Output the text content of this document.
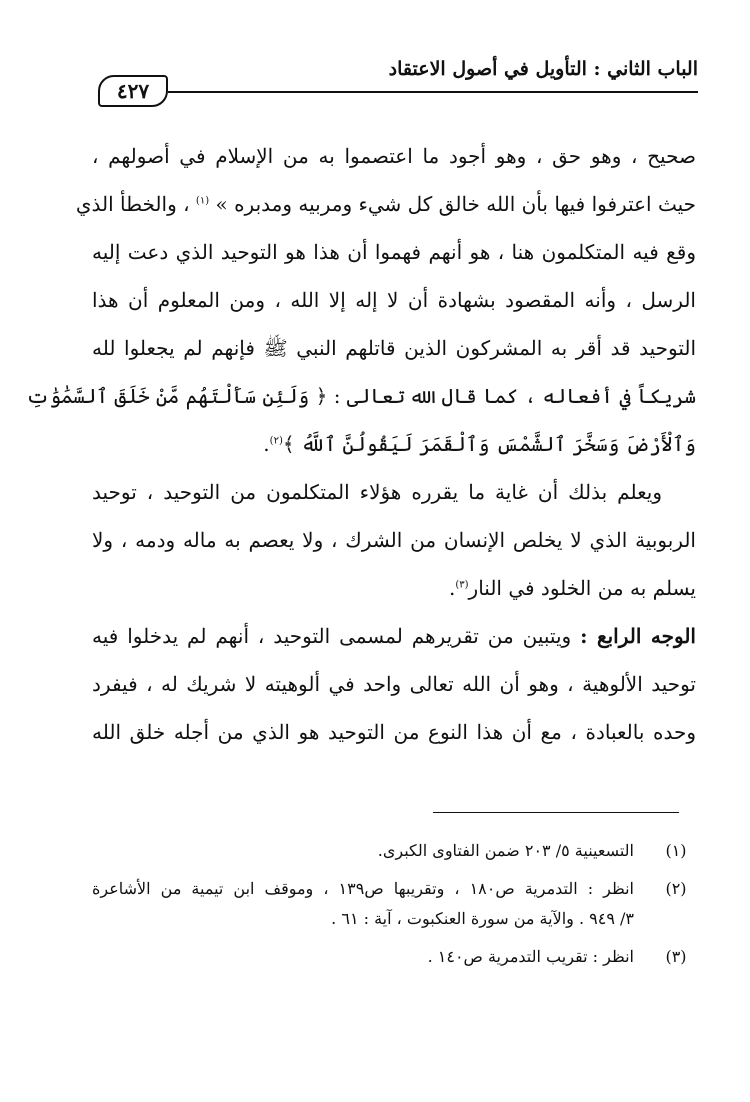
الباب الثاني : التأويل في أصول الاعتقاد
٤٢٧
صحيح ، وهو حق ، وهو أجود ما اعتصموا به من الإسلام في أصولهم ،
حيث اعترفوا فيها بأن الله خالق كل شيء ومربيه ومدبره » $^{(١)}$ ، والخطأ الذي
وقع فيه المتكلمون هنا ، هو أنهم فهموا أن هذا هو التوحيد الذي دعت إليه
الرسل ، وأنه المقصود بشهادة أن لا إله إلا الله ، ومن المعلوم أن هذا
التوحيد قد أقر به المشركون الذين قاتلهم النبي ﷺ فإنهم لم يجعلوا لله
شريكاً في أفعاله ، كما قال الله تعالى : ﴿ وَلَئِن سَأَلْتَهُم مَّنْ خَلَقَ ٱلسَّمَٰوَٰتِ
وَٱلْأَرْضَ وَسَخَّرَ ٱلشَّمْسَ وَٱلْقَمَرَ لَيَقُولُنَّ ٱللَّهُ ﴾$^{(٢)}$.
ويعلم بذلك أن غاية ما يقرره هؤلاء المتكلمون من التوحيد ، توحيد
الربوبية الذي لا يخلص الإنسان من الشرك ، ولا يعصم به ماله ودمه ، ولا
يسلم به من الخلود في النار$^{(٣)}$.
الوجه الرابع : ويتبين من تقريرهم لمسمى التوحيد ، أنهم لم يدخلوا فيه
توحيد الألوهية ، وهو أن الله تعالى واحد في ألوهيته لا شريك له ، فيفرد
وحده بالعبادة ، مع أن هذا النوع من التوحيد هو الذي من أجله خلق الله
(١)
التسعينية ٥/ ٢٠٣ ضمن الفتاوى الكبرى.
(٢)
انظر : التدمرية ص١٨٠ ، وتقريبها ص١٣٩ ، وموقف ابن تيمية من الأشاعرة
٣/ ٩٤٩ . والآية من سورة العنكبوت ، آية : ٦١ .
(٣)
انظر : تقريب التدمرية ص١٤٠ .
